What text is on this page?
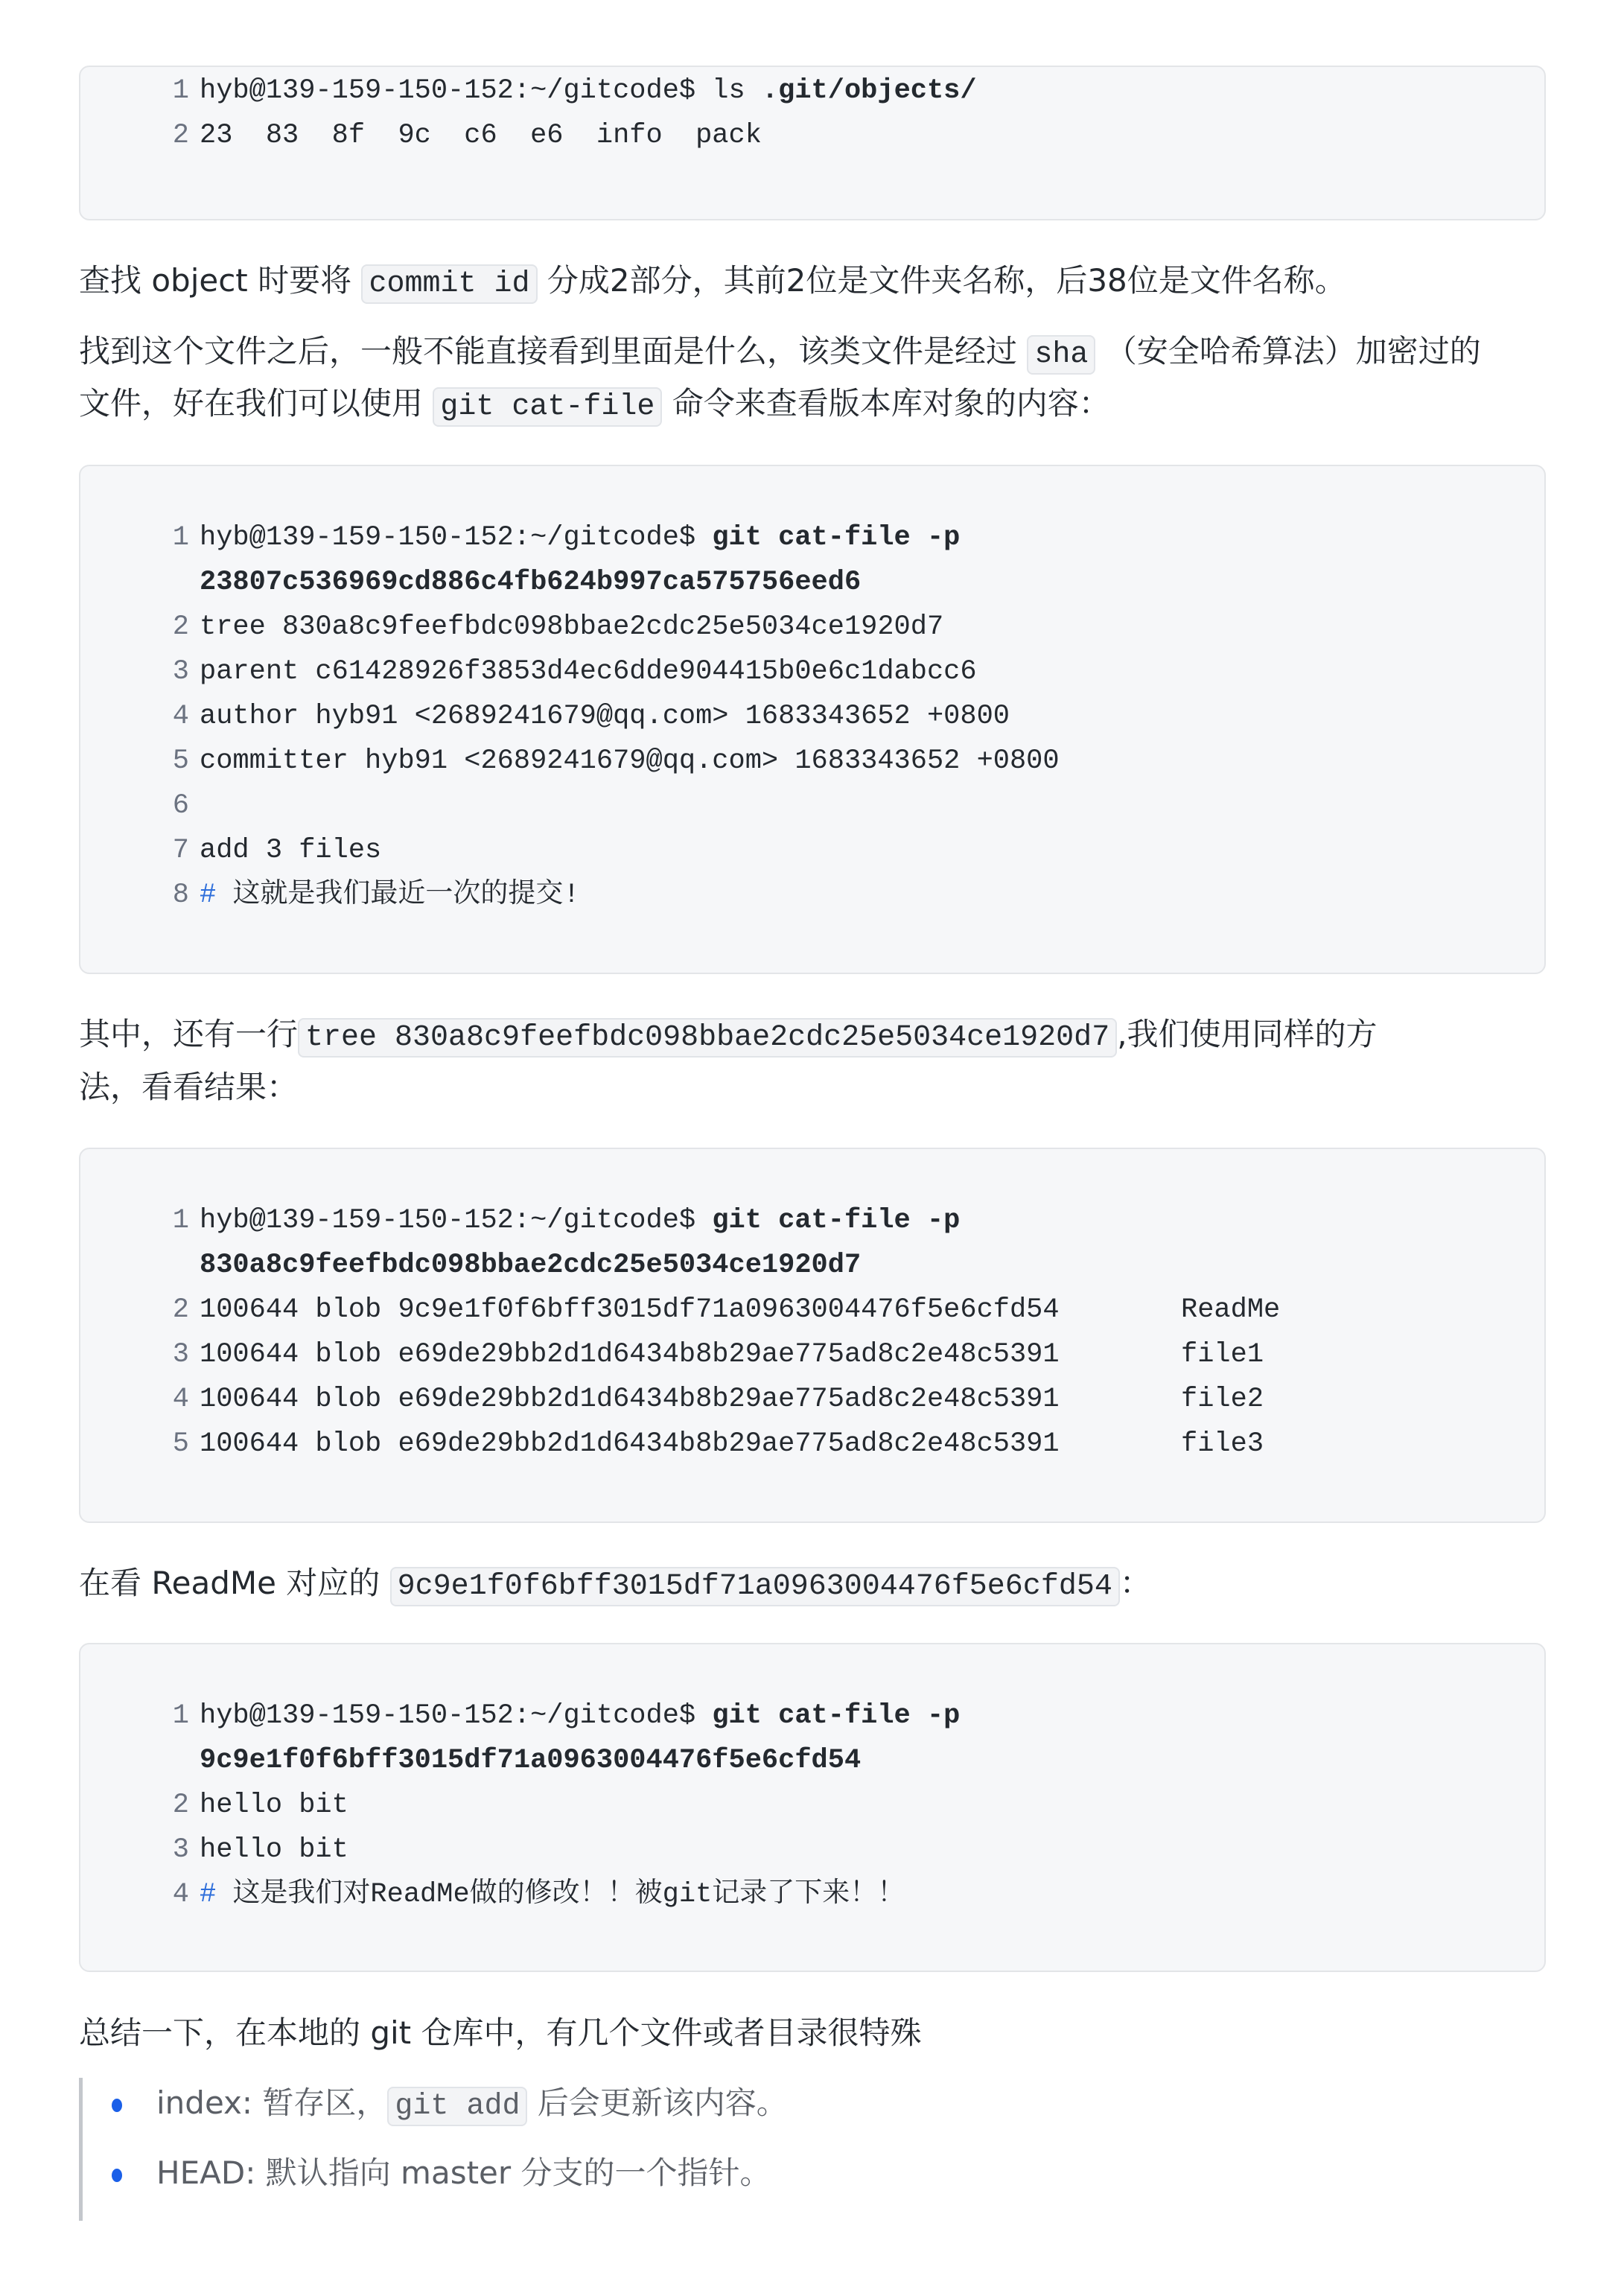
1 hyb@139-159-150-152:~/gitcode$ ls .git/objects/
2 23  83  8f  9c  c6  e6  info  pack
查找 object 时要将 commit id 分成2部分，其前2位是文件夹名称，后38位是文件名称。
找到这个文件之后，一般不能直接看到里面是什么，该类文件是经过 sha （安全哈希算法）加密过的
文件，好在我们可以使用 git cat-file 命令来查看版本库对象的内容：
1 hyb@139-159-150-152:~/gitcode$ git cat-file -p
23807c536969cd886c4fb624b997ca575756eed6
2 tree 830a8c9feefbdc098bbae2cdc25e5034ce1920d7
3 parent c61428926f3853d4ec6dde904415b0e6c1dabcc6
4 author hyb91 <2689241679@qq.com> 1683343652 +0800
5 committer hyb91 <2689241679@qq.com> 1683343652 +0800
6
7 add 3 files
8 # 这就是我们最近一次的提交!
其中，还有一行 tree 830a8c9feefbdc098bbae2cdc25e5034ce1920d7 ,我们使用同样的方
法，看看结果：
1 hyb@139-159-150-152:~/gitcode$ git cat-file -p
830a8c9feefbdc098bbae2cdc25e5034ce1920d7
2 100644 blob 9c9e1f0f6bff3015df71a0963004476f5e6cfd54	ReadMe
3 100644 blob e69de29bb2d1d6434b8b29ae775ad8c2e48c5391	file1
4 100644 blob e69de29bb2d1d6434b8b29ae775ad8c2e48c5391	file2
5 100644 blob e69de29bb2d1d6434b8b29ae775ad8c2e48c5391	file3
在看 ReadMe 对应的 9c9e1f0f6bff3015df71a0963004476f5e6cfd54 ：
1 hyb@139-159-150-152:~/gitcode$ git cat-file -p
9c9e1f0f6bff3015df71a0963004476f5e6cfd54
2 hello bit
3 hello bit
4 # 这是我们对ReadMe做的修改！！被git记录了下来！！
总结一下，在本地的 git 仓库中，有几个文件或者目录很特殊
index: 暂存区， git add 后会更新该内容。
HEAD: 默认指向 master 分支的一个指针。
